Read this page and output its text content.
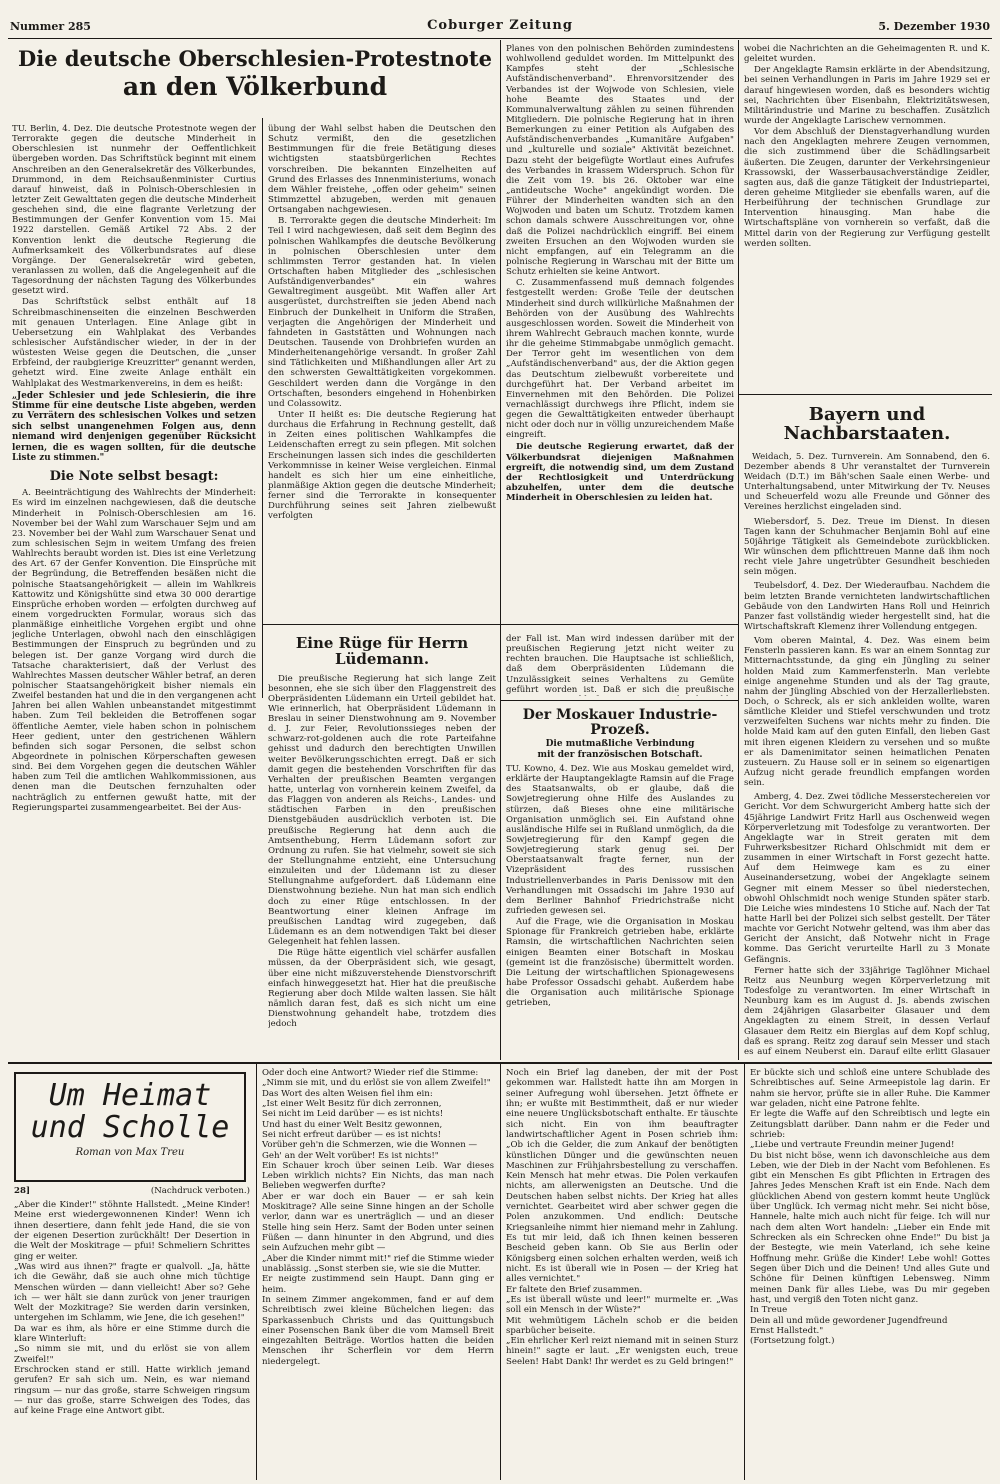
Nummer 285	Coburger Zeitung	5. Dezember 1930

Die deutsche Oberschlesien-Protestnote

an den Völkerbund

TU. Berlin, 4. Dez. Die deutsche Protestnote wegen der Terrorakte gegen die deutsche Minderheit in Oberschlesien ist nunmehr der Oeffentlichkeit übergeben worden. Das Schriftstück beginnt mit einem Anschreiben an den Generalsekretär des Völkerbundes, Drummond, in dem Reichsaußenminister Curtius darauf hinweist, daß in Polnisch-Oberschlesien in letzter Zeit Gewalttaten gegen die deutsche Minderheit geschehen sind, die eine flagrante Verletzung der Bestimmungen der Genfer Konvention vom 15. Mai 1922 darstellen. Gemäß Artikel 72 Abs. 2 der Konvention lenkt die deutsche Regierung die Aufmerksamkeit des Völkerbundsrates auf diese Vorgänge. Der Generalsekretär wird gebeten, veranlassen zu wollen, daß die Angelegenheit auf die Tagesordnung der nächsten Tagung des Völkerbundes gesetzt wird.

Das Schriftstück selbst enthält auf 18 Schreibmaschinenseiten die einzelnen Beschwerden mit genauen Unterlagen. Eine Anlage gibt in Uebersetzung ein Wahlplakat des Verbandes schlesischer Aufständischer wieder, in der in der wüstesten Weise gegen die Deutschen, die „unser Erbfeind, der raubgierige Kreuzritter" genannt werden, gehetzt wird. Eine zweite Anlage enthält ein Wahlplakat des Westmarkenvereins, in dem es heißt:

„Jeder Schlesier und jede Schlesierin, die ihre Stimme für eine deutsche Liste abgeben, werden zu Verrätern des schlesischen Volkes und setzen sich selbst unangenehmen Folgen aus, denn niemand wird denjenigen gegenüber Rücksicht lernen, die es wagen sollten, für die deutsche Liste zu stimmen."

Die Note selbst besagt:

A. Beeinträchtigung des Wahlrechts der Minderheit: Es wird im einzelnen nachgewiesen, daß die deutsche Minderheit in Polnisch-Oberschlesien am 16. November bei der Wahl zum Warschauer Sejm und am 23. November bei der Wahl zum Warschauer Senat und zum schlesischen Sejm in weitem Umfang des freien Wahlrechts beraubt worden ist. Dies ist eine Verletzung des Art. 67 der Genfer Konvention. Die Einsprüche mit der Begründung, die Betreffenden besäßen nicht die polnische Staatsangehörigkeit — allein im Wahlkreis Kattowitz und Königshütte sind etwa 30 000 derartige Einsprüche erhoben worden — erfolgten durchweg auf einem vorgedruckten Formular, woraus sich das planmäßige einheitliche Vorgehen ergibt und ohne jegliche Unterlagen, obwohl nach den einschlägigen Bestimmungen der Einspruch zu begründen und zu belegen ist. Der ganze Vorgang wird durch die Tatsache charakterisiert, daß der Verlust des Wahlrechtes Massen deutscher Wähler betraf, an deren polnischer Staatsangehörigkeit bisher niemals ein Zweifel bestanden hat und die in den vergangenen acht Jahren bei allen Wahlen unbeanstandet mitgestimmt haben. Zum Teil bekleiden die Betroffenen sogar öffentliche Aemter, viele haben schon in polnischem Heer gedient, unter den gestrichenen Wählern befinden sich sogar Personen, die selbst schon Abgeordnete in polnischen Körperschaften gewesen sind. Bei dem Vorgehen gegen die deutschen Wähler haben zum Teil die amtlichen Wahlkommissionen, aus denen man die Deutschen fernzuhalten oder nachträglich zu entfernen gewußt hatte, mit der Regierungspartei zusammengearbeitet. Bei der Aus-

übung der Wahl selbst haben die Deutschen den Schutz vermißt, den die gesetzlichen Bestimmungen für die freie Betätigung dieses wichtigsten staatsbürgerlichen Rechtes vorschreiben. Die bekannten Einzelheiten auf Grund des Erlasses des Innenministeriums, wonach dem Wähler freistehe, „offen oder geheim" seinen Stimmzettel abzugeben, werden mit genauen Ortsangaben nachgewiesen.

B. Terrorakte gegen die deutsche Minderheit: Im Teil I wird nachgewiesen, daß seit dem Beginn des polnischen Wahlkampfes die deutsche Bevölkerung in polnischen Oberschlesien unter dem schlimmsten Terror gestanden hat. In vielen Ortschaften haben Mitglieder des „schlesischen Aufständigenverbandes" ein wahres Gewaltregiment ausgeübt. Mit Waffen aller Art ausgerüstet, durchstreiften sie jeden Abend nach Einbruch der Dunkelheit in Uniform die Straßen, verjagten die Angehörigen der Minderheit und fahndeten in Gaststätten und Wohnungen nach Deutschen. Tausende von Drohbriefen wurden an Minderheitenangehörige versandt. In großer Zahl sind Tätlichkeiten und Mißhandlungen aller Art zu den schwersten Gewalttätigkeiten vorgekommen. Geschildert werden dann die Vorgänge in den Ortschaften, besonders eingehend in Hohenbirken und Colassowitz.

Unter II heißt es: Die deutsche Regierung hat durchaus die Erfahrung in Rechnung gestellt, daß in Zeiten eines politischen Wahlkampfes die Leidenschaften erregt zu sein pflegen. Mit solchen Erscheinungen lassen sich indes die geschilderten Verkommnisse in keiner Weise vergleichen. Einmal handelt es sich hier um eine einheitliche, planmäßige Aktion gegen die deutsche Minderheit; ferner sind die Terrorakte in konsequenter Durchführung seines seit Jahren zielbewußt verfolgten

Planes von den polnischen Behörden zumindestens wohlwollend geduldet worden. Im Mittelpunkt des Kampfes steht der „Schlesische Aufständischenverband". Ehrenvorsitzender des Verbandes ist der Wojwode von Schlesien, viele hohe Beamte des Staates und der Kommunalverwaltung zählen zu seinen führenden Mitgliedern. Die polnische Regierung hat in ihren Bemerkungen zu einer Petition als Aufgaben des Aufständischenverbandes „Kumanitäre Aufgaben" und „kulturelle und soziale" Aktivität bezeichnet. Dazu steht der beigefügte Wortlaut eines Aufrufes des Verbandes in krassem Widerspruch. Schon für die Zeit vom 19. bis 26. Oktober war eine „antideutsche Woche" angekündigt worden. Die Führer der Minderheiten wandten sich an den Wojwoden und baten um Schutz. Trotzdem kamen schon damals schwere Ausschreitungen vor, ohne daß die Polizei nachdrücklich eingriff. Bei einem zweiten Ersuchen an den Wojwoden wurden sie nicht empfangen, auf ein Telegramm an die polnische Regierung in Warschau mit der Bitte um Schutz erhielten sie keine Antwort.

C. Zusammenfassend muß demnach folgendes festgestellt werden: Große Teile der deutschen Minderheit sind durch willkürliche Maßnahmen der Behörden von der Ausübung des Wahlrechts ausgeschlossen worden. Soweit die Minderheit von ihrem Wahlrecht Gebrauch machen konnte, wurde ihr die geheime Stimmabgabe unmöglich gemacht. Der Terror geht im wesentlichen von dem „Aufständischenverband" aus, der die Aktion gegen das Deutschtum zielbewußt vorbereitete und durchgeführt hat. Der Verband arbeitet im Einvernehmen mit den Behörden. Die Polizei vernachlässigt durchwegs ihre Pflicht, indem sie gegen die Gewalttätigkeiten entweder überhaupt nicht oder doch nur in völlig unzureichendem Maße eingreift.

Die deutsche Regierung erwartet, daß der Völkerbundsrat diejenigen Maßnahmen ergreift, die notwendig sind, um dem Zustand der Rechtlosigkeit und Unterdrückung abzuhelfen, unter dem die deutsche Minderheit in Oberschlesien zu leiden hat.

Eine Rüge für Herrn Lüdemann.

Die preußische Regierung hat sich lange Zeit besonnen, ehe sie sich über den Flaggenstreit des Oberpräsidenten Lüdemann ein Urteil gebildet hat. Wie erinnerlich, hat Oberpräsident Lüdemann in Breslau in seiner Dienstwohnung am 9. November d. J. zur Feier, Revolutionssieges neben der schwarz-rot-goldenen auch die rote Parteifahne gehisst und dadurch den berechtigten Unwillen weiter Bevölkerungsschichten erregt. Daß er sich damit gegen die bestehenden Vorschriften für das Verhalten der preußischen Beamten vergangen hatte, unterlag von vornherein keinem Zweifel, da das Flaggen von anderen als Reichs-, Landes- und städtischen Farben in den preußischen Dienstgebäuden ausdrücklich verboten ist. Die preußische Regierung hat denn auch die Amtsenthebung, Herrn Lüdemann sofort zur Ordnung zu rufen. Sie hat vielmehr, soweit sie sich der Stellungnahme entzieht, eine Untersuchung einzuleiten und der Lüdemann ist zu dieser Stellungnahme aufgefordert. daß Lüdemann eine Dienstwohnung beziehe. Nun hat man sich endlich doch zu einer Rüge entschlossen. In der Beantwortung einer kleinen Anfrage im preußischen Landtag wird zugegeben, daß Lüdemann es an dem notwendigen Takt bei dieser Gelegenheit hat fehlen lassen.

Die Rüge hätte eigentlich viel schärfer ausfallen müssen, da der Oberpräsident sich, wie gesagt, über eine nicht mißzuverstehende Dienstvorschrift einfach hinweggesetzt hat. Hier hat die preußische Regierung aber doch Milde walten lassen. Sie hält nämlich daran fest, daß es sich nicht um eine Dienstwohnung gehandelt habe, trotzdem dies jedoch

der Fall ist. Man wird indessen darüber mit der preußischen Regierung jetzt nicht weiter zu rechten brauchen. Die Hauptsache ist schließlich, daß dem Oberpräsidenten Lüdemann die Unzulässigkeit seines Verhaltens zu Gemüte geführt worden ist. Daß er sich die preußische

Der Moskauer Industrie-Prozeß.

Die mutmaßliche Verbindung

mit der französischen Botschaft.

TU. Kowno, 4. Dez. Wie aus Moskau gemeldet wird, erklärte der Hauptangeklagte Ramsin auf die Frage des Staatsanwalts, ob er glaube, daß die Sowjetregierung ohne Hilfe des Auslandes zu stürzen, daß Bieses ohne eine militärische Organisation unmöglich sei. Ein Aufstand ohne ausländische Hilfe sei in Rußland unmöglich, da die Sowjetregierung für den Kampf gegen die Sowjetregierung stark genug sei. Der Oberstaatsanwalt fragte ferner, nun der Vizepräsident des russischen Industriellenverbandes in Paris Denissow mit den Verhandlungen mit Ossadschi im Jahre 1930 auf dem Berliner Bahnhof Friedrichstraße nicht zufrieden gewesen sei.

Auf die Frage, wie die Organisation in Moskau Spionage für Frankreich getrieben habe, erklärte Ramsin, die wirtschaftlichen Nachrichten seien einigen Beamten einer Botschaft in Moskau (gemeint ist die französische) übermittelt worden. Die Leitung der wirtschaftlichen Spionagewesens habe Professor Ossadschi gehabt. Außerdem habe die Organisation auch militärische Spionage getrieben,

wobei die Nachrichten an die Geheimagenten R. und K. geleitet wurden.

Der Angeklagte Ramsin erklärte in der Abendsitzung, bei seinen Verhandlungen in Paris im Jahre 1929 sei er darauf hingewiesen worden, daß es besonders wichtig sei, Nachrichten über Eisenbahn, Elektrizitätswesen, Militärindustrie und Marine zu beschaffen. Zusätzlich wurde der Angeklagte Larischew vernommen.

Vor dem Abschluß der Dienstagverhandlung wurden nach den Angeklagten mehrere Zeugen vernommen, die sich zustimmend über die Schädlingsarbeit äußerten. Die Zeugen, darunter der Verkehrsingenieur Krassowski, der Wasserbausachverständige Zeidler, sagten aus, daß die ganze Tätigkeit der Industriepartei, deren geheime Mitglieder sie ebenfalls waren, auf die Herbeiführung der technischen Grundlage zur Intervention hinausging. Man habe die Wirtschaftspläne von vornherein so verfaßt, daß die Mittel darin von der Regierung zur Verfügung gestellt werden sollten.

Bayern und Nachbarstaaten.

Weidach, 5. Dez. Turnverein. Am Sonnabend, den 6. Dezember abends 8 Uhr veranstaltet der Turnverein Weidach (D.T.) im Bäh'schen Saale einen Werbe- und Unterhaltungsabend, unter Mitwirkung der Tv. Neuses und Scheuerfeld wozu alle Freunde und Gönner des Vereines herzlichst eingeladen sind.

Wiebersdorf, 5. Dez. Treue im Dienst. In diesen Tagen kann der Schuhmacher Benjamin Bohl auf eine 50jährige Tätigkeit als Gemeindebote zurückblicken. Wir wünschen dem pflichttreuen Manne daß ihm noch recht viele Jahre ungetrübter Gesundheit beschieden sein mögen.

Teubelsdorf, 4. Dez. Der Wiederaufbau. Nachdem die beim letzten Brande vernichteten landwirtschaftlichen Gebäude von den Landwirten Hans Roll und Heinrich Panzer fast vollständig wieder hergestellt sind, hat die Wirtschaftskraft Klemenz ihrer Vollendung entgegen.

Vom oberen Maintal, 4. Dez. Was einem beim Fensterln passieren kann. Es war an einem Sonntag zur Mitternachtsstunde, da ging ein Jüngling zu seiner holden Maid zum Kammerfensterln. Man verlebte einige angenehme Stunden und als der Tag graute, nahm der Jüngling Abschied von der Herzallerliebsten. Doch, o Schreck, als er sich ankleiden wollte, waren sämtliche Kleider und Stiefel verschwunden und trotz verzweifelten Suchens war nichts mehr zu finden. Die holde Maid kam auf den guten Einfall, den lieben Gast mit ihren eigenen Kleidern zu versehen und so mußte er als Damenimitator seinen heimatlichen Penaten zusteuern. Zu Hause soll er in seinem so eigenartigen Aufzug nicht gerade freundlich empfangen worden sein.

Amberg, 4. Dez. Zwei tödliche Messerstechereien vor Gericht. Vor dem Schwurgericht Amberg hatte sich der 45jährige Landwirt Fritz Harll aus Oschenweid wegen Körperverletzung mit Todesfolge zu verantworten. Der Angeklagte war in Streit geraten mit dem Fuhrwerksbesitzer Richard Ohlschmidt mit dem er zusammen in einer Wirtschaft in Forst gezecht hatte. Auf dem Heimwege kam es zu einer Auseinandersetzung, wobei der Angeklagte seinem Gegner mit einem Messer so übel niederstechen, obwohl Ohlschmidt noch wenige Stunden später starb. Die Leiche wies mindestens 10 Stiche auf. Nach der Tat hatte Harll bei der Polizei sich selbst gestellt. Der Täter machte vor Gericht Notwehr geltend, was ihm aber das Gericht der Ansicht, daß Notwehr nicht in Frage komme. Das Gericht verurteilte Harll zu 3 Monate Gefängnis.

Ferner hatte sich der 33jährige Taglöhner Michael Reitz aus Neunburg wegen Körperverletzung mit Todesfolge zu verantworten. Im einer Wirtschaft in Neunburg kam es im August d. Js. abends zwischen dem 24jährigen Glasarbeiter Glasauer und dem Angeklagten zu einem Streit, in dessen Verlauf Glasauer dem Reitz ein Bierglas auf dem Kopf schlug, daß es sprang. Reitz zog darauf sein Messer und stach es auf einem Neuberst ein. Darauf eilte erlitt Glasauer

Um Heimat

und Scholle

Roman von Max Treu

28]	(Nachdruck verboten.)

„Aber die Kinder!" stöhnte Hallstedt. „Meine Kinder! Meine erst wiedergewonnenen Kinder! Wenn ich ihnen desertiere, dann fehlt jede Hand, die sie von der eigenen Desertion zurückhält! Der Desertion in die Welt der Moskitrage — pfui! Schmeliern Schrittes ging er weiter.
„Was wird aus ihnen?" fragte er qualvoll. „Ja, hätte ich die Gewähr, daß sie auch ohne mich tüchtige Menschen würden — dann vielleicht! Aber so? Gehe ich — wer hält sie dann zurück von jener traurigen Welt der Mozkitrage? Sie werden darin versinken, untergehen im Schlamm, wie Jene, die ich gesehen!"
Da war es ihm, als höre er eine Stimme durch die klare Winterluft:
„So nimm sie mit, und du erlöst sie von allem Zweifel!"
Erschrocken stand er still. Hatte wirklich jemand gerufen? Er sah sich um. Nein, es war niemand ringsum — nur das große, starre Schweigen ringsum — nur das große, starre Schweigen des Todes, das auf keine Frage eine Antwort gibt.

Oder doch eine Antwort? Wieder rief die Stimme:
„Nimm sie mit, und du erlöst sie von allem Zweifel!"
Das Wort des alten Weisen fiel ihm ein:
„Ist einer Welt Besitz für dich zerronnen,
Sei nicht im Leid darüber — es ist nichts!
Und hast du einer Welt Besitz gewonnen,
Sei nicht erfreut darüber — es ist nichts!
Vorüber geh'n die Schmerzen, wie die Wonnen —
Geh' an der Welt vorüber! Es ist nichts!"
Ein Schauer kroch über seinen Leib. War dieses Leben wirklich nichts? Ein Nichts, das man nach Belieben wegwerfen durfte?
Aber er war doch ein Bauer — er sah kein Moskitrage? Alle seine Sinne hingen an der Scholle verlor, dann war es unerträglich — und an dieser Stelle hing sein Herz. Samt der Boden unter seinen Füßen — dann hinunter in den Abgrund, und dies sein Aufzuchen mehr gibt —
„Aber die Kinder nimmt mit!" rief die Stimme wieder unablässig. „Sonst sterben sie, wie sie die Mutter.
Er neigte zustimmend sein Haupt. Dann ging er heim.
In seinem Zimmer angekommen, fand er auf dem Schreibtisch zwei kleine Büchelchen liegen: das Sparkassenbuch Christs und das Quittungsbuch einer Posenschen Bank über die vom Mamsell Breit eingezahlten Beiträge. Wortlos hatten die beiden Menschen ihr Scherflein vor dem Herrn niedergelegt.

Noch ein Brief lag daneben, der mit der Post gekommen war. Hallstedt hatte ihn am Morgen in seiner Aufregung wohl übersehen. Jetzt öffnete er ihn; er wußte mit Bestimmtheit, daß er nur wieder eine neuere Unglücksbotschaft enthalte. Er täuschte sich nicht. Ein von ihm beauftragter landwirtschaftlicher Agent in Posen schrieb ihm: „Ob ich die Gelder, die zum Ankauf der benötigten künstlichen Dünger und die gewünschten neuen Maschinen zur Frühjahrsbestellung zu verschaffen. Kein Mensch hat mehr etwas. Die Polen verkaufen nichts, am allerwenigsten an Deutsche. Und die Deutschen haben selbst nichts. Der Krieg hat alles vernichtet. Gearbeitet wird aber schwer gegen die Polen anzukommen. Und endlich: Deutsche Kriegsanleihe nimmt hier niemand mehr in Zahlung. Es tut mir leid, daß ich Ihnen keinen besseren Bescheid geben kann. Ob Sie aus Berlin oder Königsberg einen solchen erhalten werden, weiß ich nicht. Es ist überall wie in Posen — der Krieg hat alles vernichtet."
Er faltete den Brief zusammen.
„Es ist überall wüste und leer!" murmelte er. „Was soll ein Mensch in der Wüste?"
Mit wehmütigem Lächeln schob er die beiden sparbücher beiseite.
„Ein ehrlicher Kerl reizt niemand mit in seinen Sturz hinein!" sagte er laut. „Er wenigsten euch, treue Seelen! Habt Dank! Ihr werdet es zu Geld bringen!"

Er bückte sich und schloß eine untere Schublade des Schreibtisches auf. Seine Armeepistole lag darin. Er nahm sie hervor, prüfte sie in aller Ruhe. Die Kammer war geladen, nicht eine Patrone fehlte.
Er legte die Waffe auf den Schreibtisch und legte ein Zeitungsblatt darüber. Dann nahm er die Feder und schrieb:
„Liebe und vertraute Freundin meiner Jugend!
Du bist nicht böse, wenn ich davonschleiche aus dem Leben, wie der Dieb in der Nacht vom Befohlenen. Es gibt ein Menschen Es gibt Pflichten in Ertragen des Jahres Jedes Menschen Kraft ist ein Ende. Nach dem glücklichen Abend von gestern kommt heute Unglück über Unglück. Ich vermag nicht mehr. Sei nicht böse, Hannele, halte mich auch nicht für feige. Ich will nur nach dem alten Wort handeln: „Lieber ein Ende mit Schrecken als ein Schrecken ohne Ende!" Du bist ja der Bestegte, wie mein Vaterland, ich sehe keine Hoffnung mehr. Grüße die Kinder! Lebe wohl! Gottes Segen über Dich und die Deinen! Und alles Gute und Schöne für Deinen künftigen Lebensweg. Nimm meinen Dank für alles Liebe, was Du mir gegeben hast, und vergiß den Toten nicht ganz.
In Treue
Dein all und müde gewordener Jugendfreund
Ernst Hallstedt."
(Fortsetzung folgt.)
